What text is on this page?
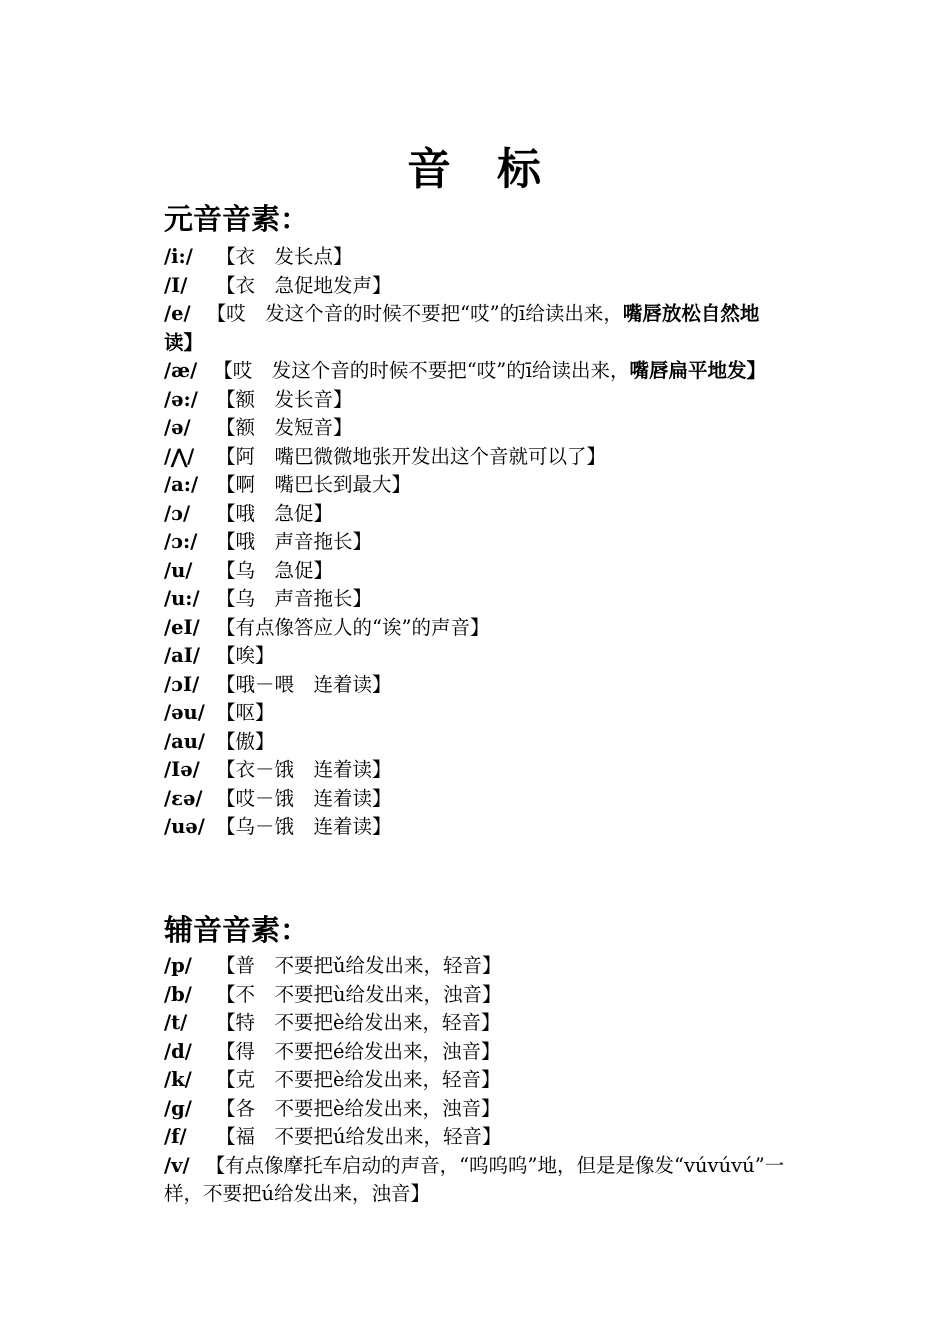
音 标
元音音素：
/i:/	【衣　发长点】
/I/	【衣　急促地发声】
/e/ 【哎　发这个音的时候不要把“哎”的ī给读出来，嘴唇放松自然地 读】
/æ/ 【哎　发这个音的时候不要把“哎”的ī给读出来，嘴唇扁平地发】
/ə:/ 【额　发长音】
/ə/	【额　发短音】
/⋀/	【阿　嘴巴微微地张开发出这个音就可以了】
/a:/ 【啊　嘴巴长到最大】
/ɔ/	【哦　急促】
/ɔ:/ 【哦　声音拖长】
/u/	【乌　急促】
/u:/ 【乌　声音拖长】
/eI/ 【有点像答应人的“诶”的声音】
/aI/ 【唉】
/ɔI/ 【哦－喂　连着读】
/əu/ 【呕】
/au/ 【傲】
/Iə/ 【衣－饿　连着读】
/ɛə/ 【哎－饿　连着读】
/uə/ 【乌－饿　连着读】
辅音音素：
/p/	【普　不要把ǔ给发出来，轻音】
/b/	【不　不要把ù给发出来，浊音】
/t/	【特　不要把è给发出来，轻音】
/d/	【得　不要把é给发出来，浊音】
/k/	【克　不要把è给发出来，轻音】
/g/	【各　不要把è给发出来，浊音】
/f/	【福　不要把ú给发出来，轻音】
/v/ 【有点像摩托车启动的声音，“呜呜呜”地，但是是像发“vúvúvú”一样，不要把ú给发出来，浊音】
